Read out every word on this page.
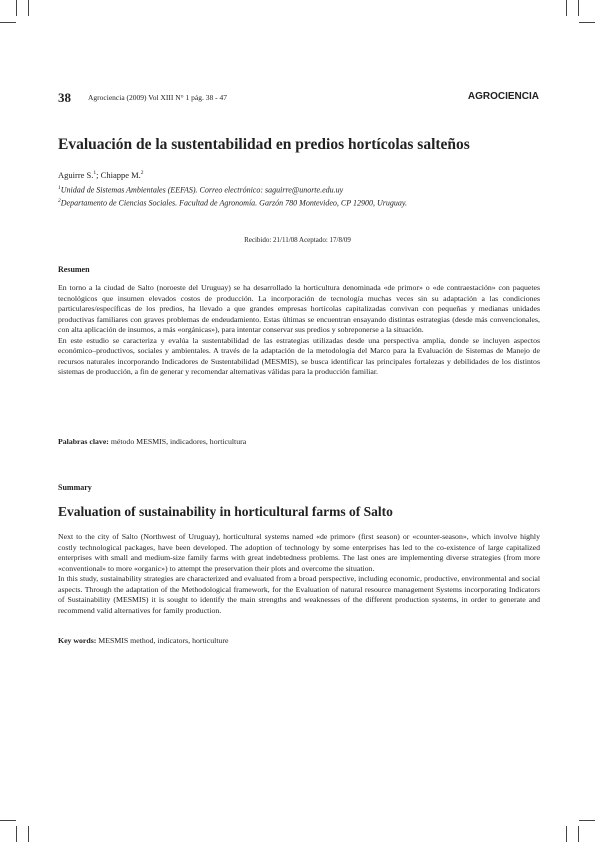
38 Agrociencia (2009) Vol XIII N° 1 pág. 38 - 47	AGROCIENCIA
Evaluación de la sustentabilidad en predios hortícolas salteños
Aguirre S.$^1$; Chiappe M.$^2$
$^1$Unidad de Sistemas Ambientales (EEFAS). Correo electrónico: saguirre@unorte.edu.uy
$^2$Departamento de Ciencias Sociales. Facultad de Agronomía. Garzón 780 Montevideo, CP 12900, Uruguay.
Recibido: 21/11/08 Aceptado: 17/8/09
Resumen

En torno a la ciudad de Salto (noroeste del Uruguay) se ha desarrollado la horticultura denominada «de primor» o «de contraestación» con paquetes tecnológicos que insumen elevados costos de producción. La incorporación de tecnología muchas veces sin su adaptación a las condiciones particulares/específicas de los predios, ha llevado a que grandes empresas hortícolas capitalizadas convivan con pequeñas y medianas unidades productivas familiares con graves problemas de endeudamiento. Estas últimas se encuentran ensayando distintas estrategias (desde más convencionales, con alta aplicación de insumos, a más «orgánicas»), para intentar conservar sus predios y sobreponerse a la situación.

En este estudio se caracteriza y evalúa la sustentabilidad de las estrategias utilizadas desde una perspectiva amplia, donde se incluyen aspectos económico–productivos, sociales y ambientales. A través de la adaptación de la metodología del Marco para la Evaluación de Sistemas de Manejo de recursos naturales incorporando Indicadores de Sustentabilidad (MESMIS), se busca identificar las principales fortalezas y debilidades de los distintos sistemas de producción, a fin de generar y recomendar alternativas válidas para la producción familiar.

Palabras clave: método MESMIS, indicadores, horticultura
Summary
Evaluation of sustainability in horticultural farms of Salto

Next to the city of Salto (Northwest of Uruguay), horticultural systems named «de primor» (first season) or «counter-season», which involve highly costly technological packages, have been developed. The adoption of technology by some enterprises has led to the co-existence of large capitalized enterprises with small and medium-size family farms with great indebtedness problems. The last ones are implementing diverse strategies (from more «conventional» to more «organic») to attempt the preservation their plots and overcome the situation.

In this study, sustainability strategies are characterized and evaluated from a broad perspective, including economic, productive, environmental and social aspects. Through the adaptation of the Methodological framework, for the Evaluation of natural resource management Systems incorporating Indicators of Sustainability (MESMIS) it is sought to identify the main strengths and weaknesses of the different production systems, in order to generate and recommend valid alternatives for family production.

Key words: MESMIS method, indicators, horticulture
